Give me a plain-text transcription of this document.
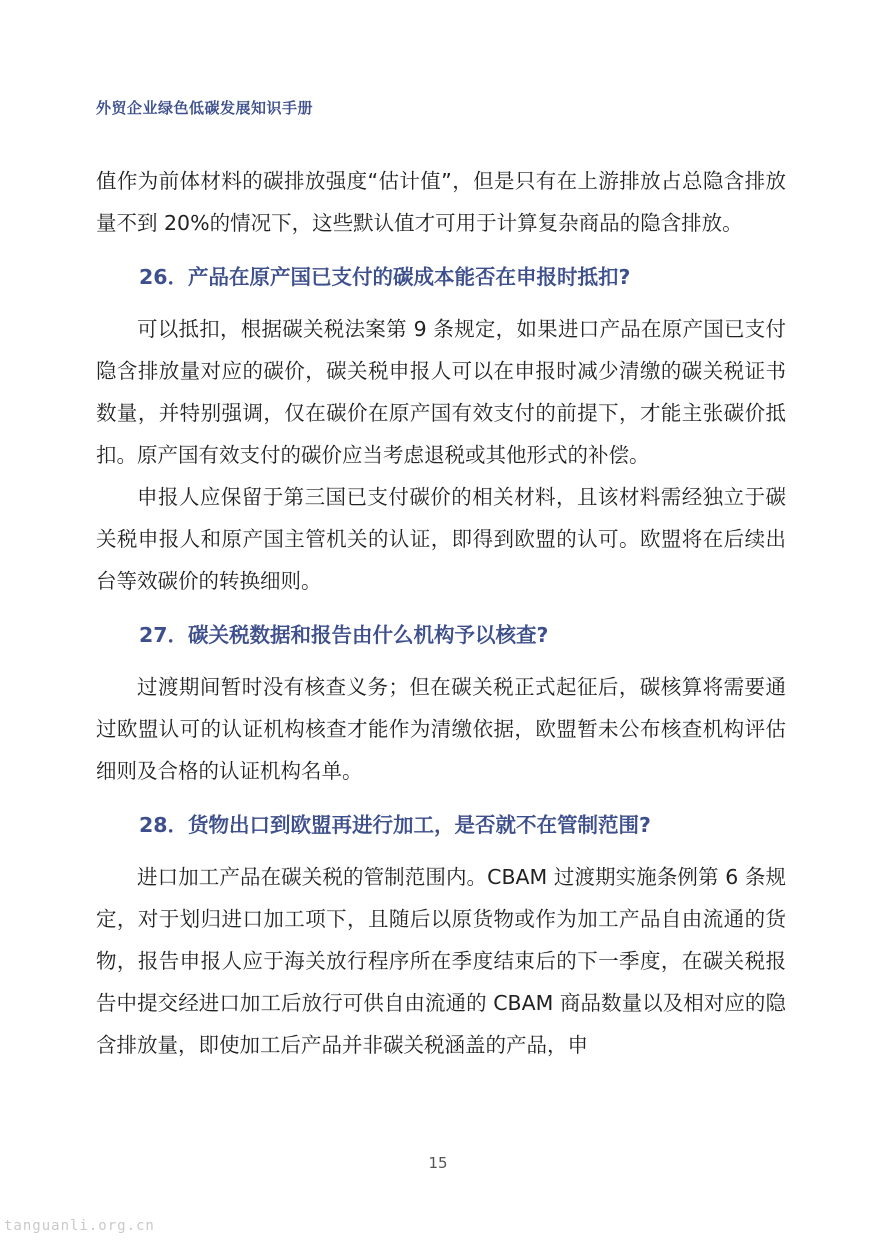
外贸企业绿色低碳发展知识手册

值作为前体材料的碳排放强度“估计值”，但是只有在上游排放占总隐含排放量不到 20%的情况下，这些默认值才可用于计算复杂商品的隐含排放。

26．产品在原产国已支付的碳成本能否在申报时抵扣?

可以抵扣，根据碳关税法案第 9 条规定，如果进口产品在原产国已支付隐含排放量对应的碳价，碳关税申报人可以在申报时减少清缴的碳关税证书数量，并特别强调，仅在碳价在原产国有效支付的前提下，才能主张碳价抵扣。原产国有效支付的碳价应当考虑退税或其他形式的补偿。

申报人应保留于第三国已支付碳价的相关材料，且该材料需经独立于碳关税申报人和原产国主管机关的认证，即得到欧盟的认可。欧盟将在后续出台等效碳价的转换细则。

27．碳关税数据和报告由什么机构予以核查?

过渡期间暂时没有核查义务；但在碳关税正式起征后，碳核算将需要通过欧盟认可的认证机构核查才能作为清缴依据，欧盟暂未公布核查机构评估细则及合格的认证机构名单。

28．货物出口到欧盟再进行加工，是否就不在管制范围?

进口加工产品在碳关税的管制范围内。CBAM 过渡期实施条例第 6 条规定，对于划归进口加工项下，且随后以原货物或作为加工产品自由流通的货物，报告申报人应于海关放行程序所在季度结束后的下一季度，在碳关税报告中提交经进口加工后放行可供自由流通的 CBAM 商品数量以及相对应的隐含排放量，即使加工后产品并非碳关税涵盖的产品，申

15
tanguanli.org.cn
